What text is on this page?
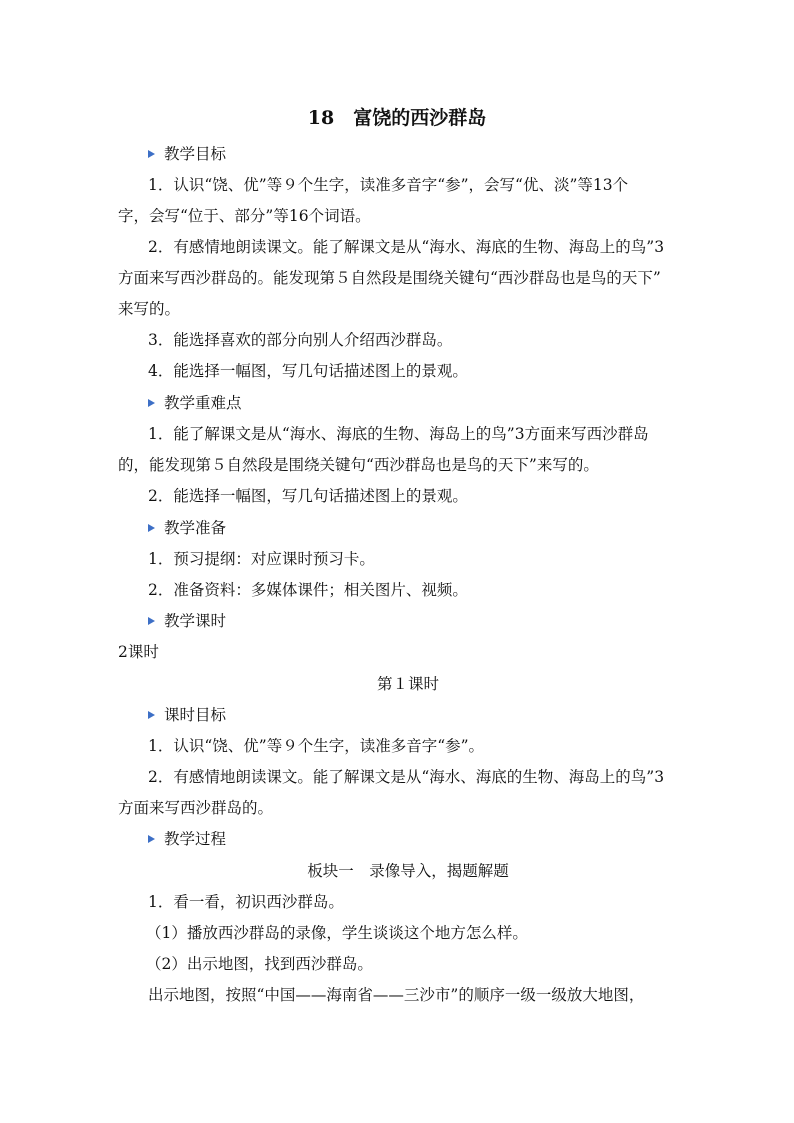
18　富饶的西沙群岛
教学目标
1．认识“饶、优”等９个生字，读准多音字“参”，会写“优、淡”等13个
字，会写“位于、部分”等16个词语。
2．有感情地朗读课文。能了解课文是从“海水、海底的生物、海岛上的鸟”3
方面来写西沙群岛的。能发现第５自然段是围绕关键句“西沙群岛也是鸟的天下”
来写的。
3．能选择喜欢的部分向别人介绍西沙群岛。
4．能选择一幅图，写几句话描述图上的景观。
教学重难点
1．能了解课文是从“海水、海底的生物、海岛上的鸟”3方面来写西沙群岛
的，能发现第５自然段是围绕关键句“西沙群岛也是鸟的天下”来写的。
2．能选择一幅图，写几句话描述图上的景观。
教学准备
1．预习提纲：对应课时预习卡。
2．准备资料：多媒体课件；相关图片、视频。
教学课时
2课时
第１课时
课时目标
1．认识“饶、优”等９个生字，读准多音字“参”。
2．有感情地朗读课文。能了解课文是从“海水、海底的生物、海岛上的鸟”3
方面来写西沙群岛的。
教学过程
板块一　录像导入，揭题解题
1．看一看，初识西沙群岛。
（1）播放西沙群岛的录像，学生谈谈这个地方怎么样。
（2）出示地图，找到西沙群岛。
出示地图，按照“中国——海南省——三沙市”的顺序一级一级放大地图，
